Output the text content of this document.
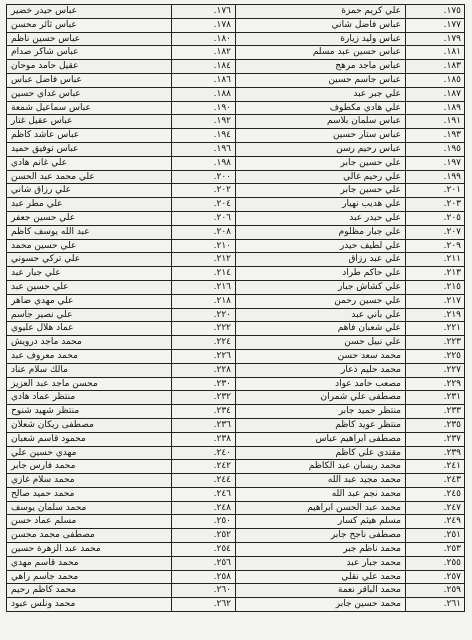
عباس حيدر خضير	١٧٦.	علي كريم حمزة	١٧٥.
عباس ثائر محسن	١٧٨.	عباس فاضل شاني	١٧٧.
عباس حسين ناظم	١٨٠.	عباس وليد زيارة	١٧٩.
عباس شاكر صدام	١٨٢.	عباس حسين عبد مسلم	١٨١.
عقيل حامد موحان	١٨٤.	عباس ماجد مرهج	١٨٣.
عباس فاضل عباس	١٨٦.	عباس جاسم حسين	١٨٥.
عباس غداي حسين	١٨٨.	علي جبر عبد	١٨٧.
عباس سماعيل شمعة	١٩٠.	علي هادي مكطوف	١٨٩.
عباس عقيل غتار	١٩٢.	عباس سلمان بلاسم	١٩١.
عباس عاشد كاظم	١٩٤.	عباس ستار حسين	١٩٣.
عباس توفيق حميد	١٩٦.	عباس رحيم رسن	١٩٥.
علي غانم هادي	١٩٨.	علي حسين جابر	١٩٧.
علي محمد عبد الحسن	٢٠٠.	علي رحيم غالي	١٩٩.
علي رزاق شاني	٢٠٢.	علي حسين جابر	٢٠١.
علي مطر عبد	٢٠٤.	علي هديب نهيار	٢٠٣.
علي حسين جعفر	٢٠٦.	علي حيدر عبد	٢٠٥.
عبد الله يوسف كاظم	٢٠٨.	علي جبار مظلوم	٢٠٧.
علي حسين محمد	٢١٠.	علي لطيف حيدر	٢٠٩.
علي تركي حسوني	٢١٢.	علي عبد رزاق	٢١١.
علي جبار عبد	٢١٤.	علي حاكم طراد	٢١٣.
علي حسين عبد	٢١٦.	علي كشاش جبار	٢١٥.
علي مهدي ضاهر	٢١٨.	علي حسين رحمن	٢١٧.
علي نصير جاسم	٢٢٠.	علي باني عبد	٢١٩.
عماد هلال عليوي	٢٢٢.	علي شعبان فاهم	٢٢١.
محمد ماجد درويش	٢٢٤.	علي نبيل حسن	٢٢٣.
محمد معروف عبد	٢٢٦.	محمد سعد حسن	٢٢٥.
مالك سلام عناد	٢٢٨.	محمد حليم ذعار	٢٢٧.
محسن ماجد عبد العزيز	٢٣٠.	مصعب حامد عواد	٢٢٩.
منتظر عماد هادي	٢٣٢.	مصطفى علي شمران	٢٣١.
منتظر شهيد شنوح	٢٣٤.	منتظر حميد جابر	٢٣٣.
مصطفى ريكان شعلان	٢٣٦.	منتظر عويد كاظم	٢٣٥.
محمود قاسم شعبان	٢٣٨.	مصطفى ابراهيم عباس	٢٣٧.
مهدي حسين علي	٢٤٠.	مقتدى علي كاظم	٢٣٩.
محمد فارس جابر	٢٤٢.	محمد ريسان عبد الكاظم	٢٤١.
محمد سلام غازي	٢٤٤.	محمد مجيد عبد الله	٢٤٣.
محمد حميد صالح	٢٤٦.	محمد نجم عبد الله	٢٤٥.
محمد سلمان يوسف	٢٤٨.	محمد عبد الحسن ابراهيم	٢٤٧.
مسلم عماد حسن	٢٥٠.	مسلم هيثم كسار	٢٤٩.
مصطفى محمد محسن	٢٥٢.	مصطفى ناجح جابر	٢٥١.
محمد عبد الزهرة حسين	٢٥٤.	محمد ناظم جبر	٢٥٣.
محمد قاسم مهدي	٢٥٦.	محمد جبار عبد	٢٥٥.
محمد جاسم راهي	٢٥٨.	محمد علي نقلي	٢٥٧.
محمد كاظم رحيم	٢٦٠.	محمد الباقر نعمة	٢٥٩.
محمد ونلس عبود	٢٦٢.	محمد حسين جابر	٢٦١.
